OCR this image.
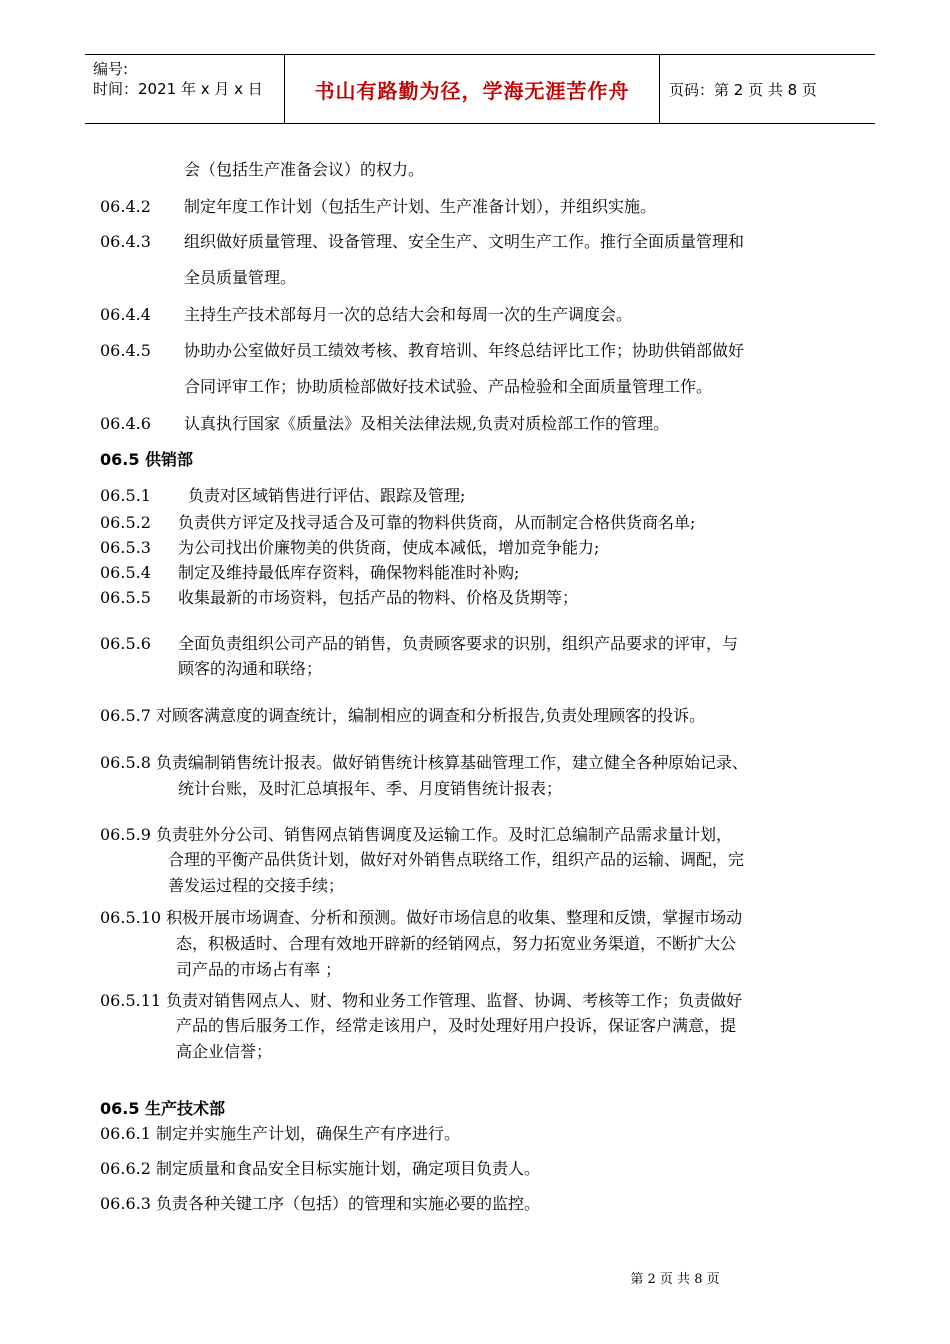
编号:
时间：2021 年 x 月 x 日	书山有路勤为径，学海无涯苦作舟	页码：第 2 页 共 8 页
会（包括生产准备会议）的权力。
06.4.2 制定年度工作计划（包括生产计划、生产准备计划），并组织实施。
06.4.3 组织做好质量管理、设备管理、安全生产、文明生产工作。推行全面质量管理和
全员质量管理。
06.4.4 主持生产技术部每月一次的总结大会和每周一次的生产调度会。
06.4.5 协助办公室做好员工绩效考核、教育培训、年终总结评比工作；协助供销部做好
合同评审工作；协助质检部做好技术试验、产品检验和全面质量管理工作。
06.4.6 认真执行国家《质量法》及相关法律法规,负责对质检部工作的管理。
06.5 供销部
06.5.1 负责对区域销售进行评估、跟踪及管理;
06.5.2 负责供方评定及找寻适合及可靠的物料供货商，从而制定合格供货商名单;
06.5.3 为公司找出价廉物美的供货商，使成本减低，增加竞争能力;
06.5.4 制定及维持最低库存资料，确保物料能准时补购;
06.5.5 收集最新的市场资料，包括产品的物料、价格及货期等；
06.5.6 全面负责组织公司产品的销售，负责顾客要求的识别，组织产品要求的评审，与
顾客的沟通和联络；
06.5.7 对顾客满意度的调查统计，编制相应的调查和分析报告,负责处理顾客的投诉。
06.5.8 负责编制销售统计报表。做好销售统计核算基础管理工作，建立健全各种原始记录、
统计台账，及时汇总填报年、季、月度销售统计报表；
06.5.9 负责驻外分公司、销售网点销售调度及运输工作。及时汇总编制产品需求量计划，
合理的平衡产品供货计划，做好对外销售点联络工作，组织产品的运输、调配，完
善发运过程的交接手续；
06.5.10 积极开展市场调查、分析和预测。做好市场信息的收集、整理和反馈，掌握市场动
态，积极适时、合理有效地开辟新的经销网点，努力拓宽业务渠道，不断扩大公
司产品的市场占有率 ；
06.5.11 负责对销售网点人、财、物和业务工作管理、监督、协调、考核等工作；负责做好
产品的售后服务工作，经常走该用户，及时处理好用户投诉，保证客户满意，提
高企业信誉；
06.5 生产技术部
06.6.1 制定并实施生产计划，确保生产有序进行。
06.6.2 制定质量和食品安全目标实施计划，确定项目负责人。
06.6.3 负责各种关键工序（包括）的管理和实施必要的监控。
第 2 页 共 8 页
